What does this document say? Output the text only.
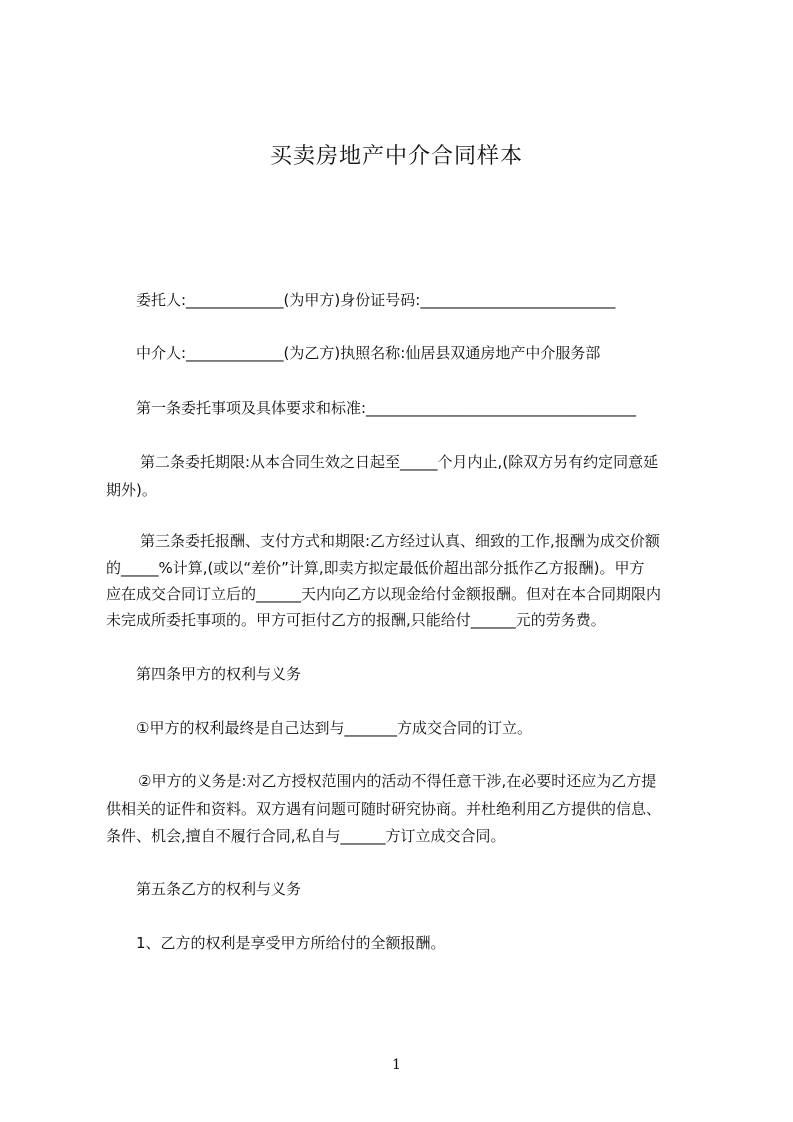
买卖房地产中介合同样本
委托人:_____________(为甲方)身份证号码:__________________________
中介人:_____________(为乙方)执照名称:仙居县双通房地产中介服务部
第一条委托事项及具体要求和标准:____________________________________
第二条委托期限:从本合同生效之日起至_____个月内止,(除双方另有约定同意延
期外)。
第三条委托报酬、支付方式和期限:乙方经过认真、细致的工作,报酬为成交价额
的_____%计算,(或以“差价”计算,即卖方拟定最低价超出部分抵作乙方报酬)。甲方
应在成交合同订立后的______天内向乙方以现金给付金额报酬。但对在本合同期限内
未完成所委托事项的。甲方可拒付乙方的报酬,只能给付______元的劳务费。
第四条甲方的权利与义务
①甲方的权利最终是自己达到与_______方成交合同的订立。
②甲方的义务是:对乙方授权范围内的活动不得任意干涉,在必要时还应为乙方提
供相关的证件和资料。双方遇有问题可随时研究协商。并杜绝利用乙方提供的信息、
条件、机会,擅自不履行合同,私自与______方订立成交合同。
第五条乙方的权利与义务
1、乙方的权利是享受甲方所给付的全额报酬。
1
